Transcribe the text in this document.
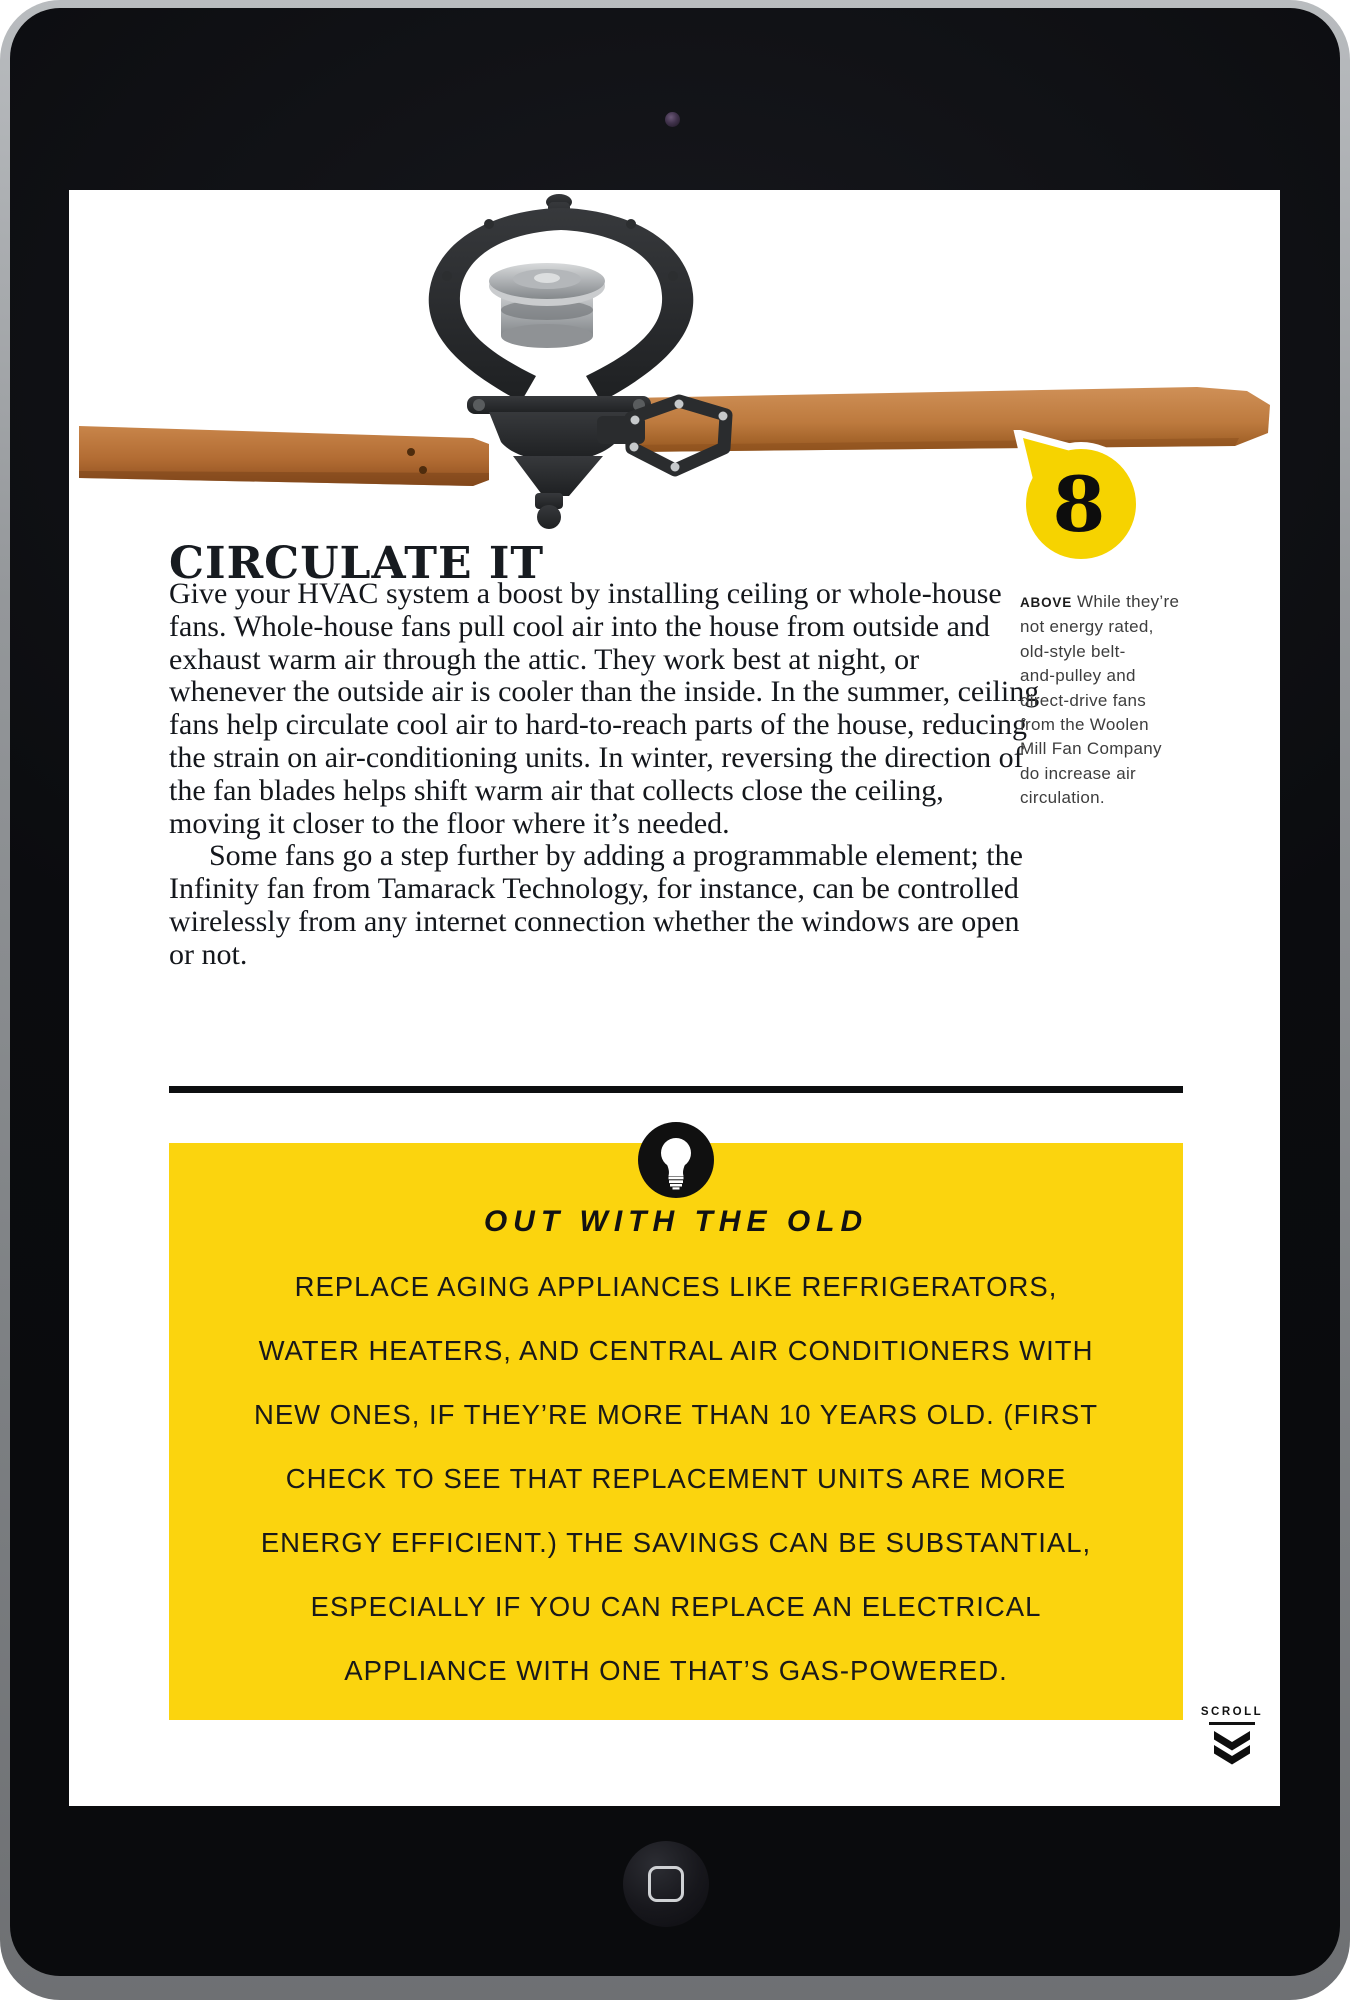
8
CIRCULATE IT

Give your HVAC system a boost by installing ceiling or whole-house fans. Whole-house fans pull cool air into the house from outside and exhaust warm air through the attic. They work best at night, or whenever the outside air is cooler than the inside. In the summer, ceiling fans help circulate cool air to hard-to-reach parts of the house, reducing the strain on air-conditioning units. In winter, reversing the direction of the fan blades helps shift warm air that collects close the ceiling, moving it closer to the floor where it’s needed.

Some fans go a step further by adding a programmable element; the Infinity fan from Tamarack Technology, for instance, can be controlled wirelessly from any internet connection whether the windows are open or not.

ABOVE While they’re
not energy rated,
old-style belt-
and-pulley and
direct-drive fans
from the Woolen
Mill Fan Company
do increase air
circulation.
OUT WITH THE OLD
REPLACE AGING APPLIANCES LIKE REFRIGERATORS,
WATER HEATERS, AND CENTRAL AIR CONDITIONERS WITH
NEW ONES, IF THEY’RE MORE THAN 10 YEARS OLD. (FIRST
CHECK TO SEE THAT REPLACEMENT UNITS ARE MORE
ENERGY EFFICIENT.) THE SAVINGS CAN BE SUBSTANTIAL,
ESPECIALLY IF YOU CAN REPLACE AN ELECTRICAL
APPLIANCE WITH ONE THAT’S GAS-POWERED.
SCROLL
